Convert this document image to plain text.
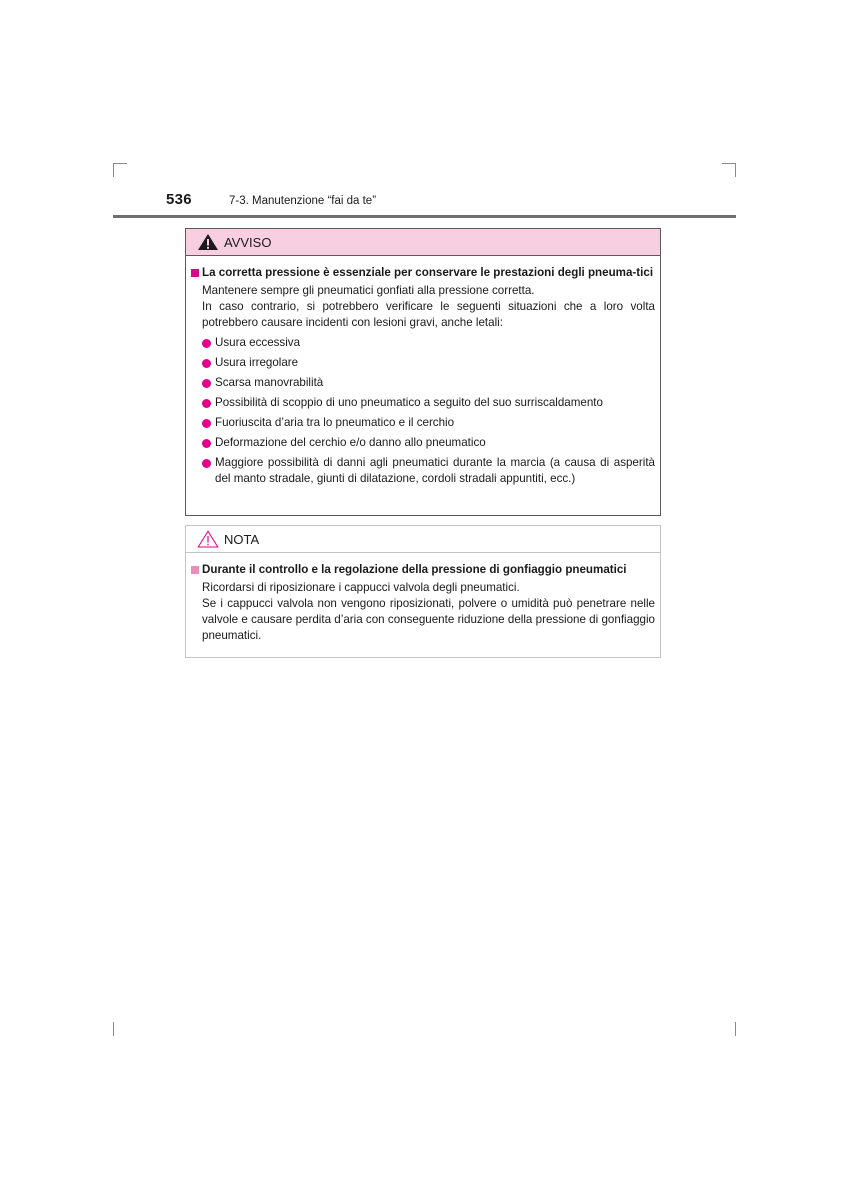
536	7-3. Manutenzione “fai da te”
AVVISO
La corretta pressione è essenziale per conservare le prestazioni degli pneuma-tici
Mantenere sempre gli pneumatici gonfiati alla pressione corretta.
In caso contrario, si potrebbero verificare le seguenti situazioni che a loro volta potrebbero causare incidenti con lesioni gravi, anche letali:
Usura eccessiva
Usura irregolare
Scarsa manovrabilità
Possibilità di scoppio di uno pneumatico a seguito del suo surriscaldamento
Fuoriuscita d’aria tra lo pneumatico e il cerchio
Deformazione del cerchio e/o danno allo pneumatico
Maggiore possibilità di danni agli pneumatici durante la marcia (a causa di asperità del manto stradale, giunti di dilatazione, cordoli stradali appuntiti, ecc.)
NOTA
Durante il controllo e la regolazione della pressione di gonfiaggio pneumatici
Ricordarsi di riposizionare i cappucci valvola degli pneumatici.
Se i cappucci valvola non vengono riposizionati, polvere o umidità può penetrare nelle valvole e causare perdita d’aria con conseguente riduzione della pressione di gonfiaggio pneumatici.
